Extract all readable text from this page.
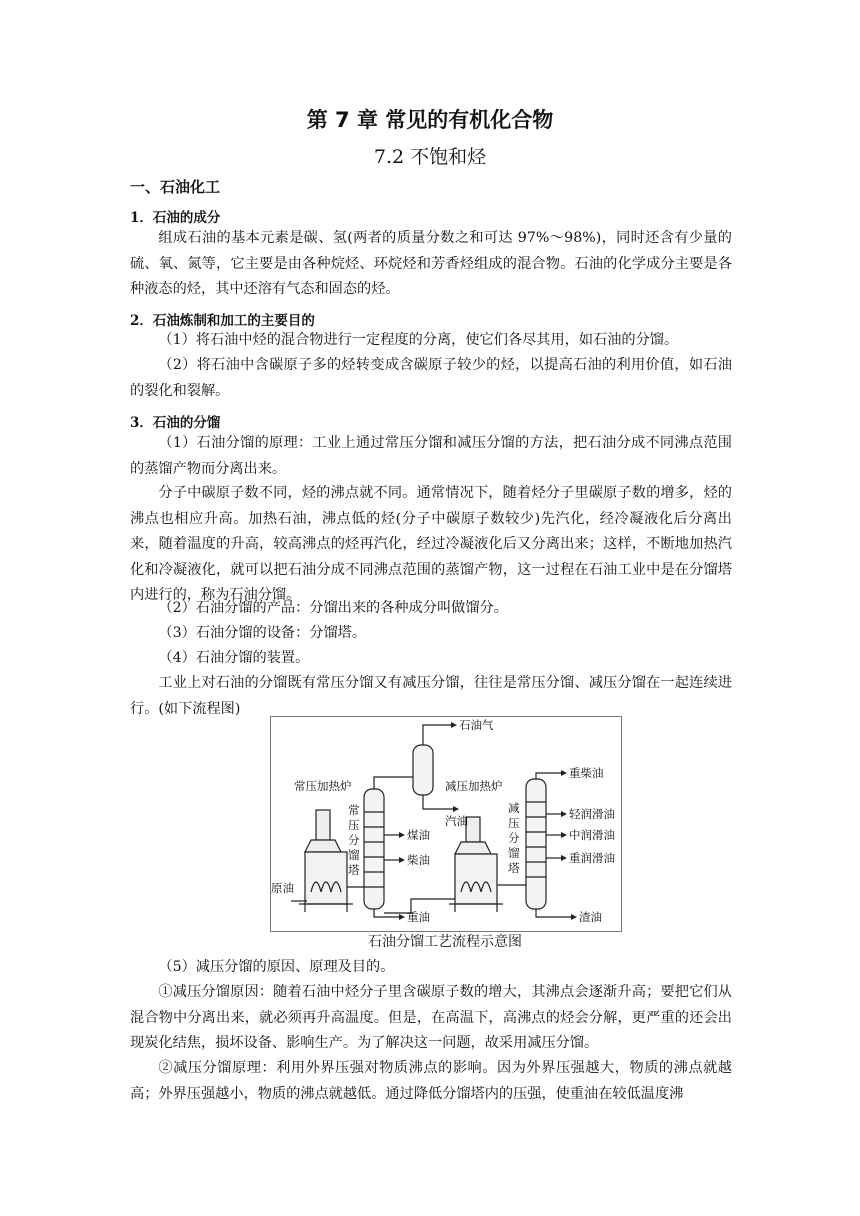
第 7 章 常见的有机化合物
7.2 不饱和烃
一、石油化工
1．石油的成分

组成石油的基本元素是碳、氢(两者的质量分数之和可达 97%～98%)，同时还含有少量的硫、氧、氮等，它主要是由各种烷烃、环烷烃和芳香烃组成的混合物。石油的化学成分主要是各种液态的烃，其中还溶有气态和固态的烃。

2．石油炼制和加工的主要目的

（1）将石油中烃的混合物进行一定程度的分离，使它们各尽其用，如石油的分馏。

（2）将石油中含碳原子多的烃转变成含碳原子较少的烃，以提高石油的利用价值，如石油的裂化和裂解。

3．石油的分馏

（1）石油分馏的原理：工业上通过常压分馏和减压分馏的方法，把石油分成不同沸点范围的蒸馏产物而分离出来。

分子中碳原子数不同，烃的沸点就不同。通常情况下，随着烃分子里碳原子数的增多，烃的沸点也相应升高。加热石油，沸点低的烃(分子中碳原子数较少)先汽化，经冷凝液化后分离出来，随着温度的升高，较高沸点的烃再汽化，经过冷凝液化后又分离出来；这样，不断地加热汽化和冷凝液化，就可以把石油分成不同沸点范围的蒸馏产物，这一过程在石油工业中是在分馏塔内进行的，称为石油分馏。

（2）石油分馏的产品：分馏出来的各种成分叫做馏分。

（3）石油分馏的设备：分馏塔。

（4）石油分馏的装置。

工业上对石油的分馏既有常压分馏又有减压分馏，往往是常压分馏、减压分馏在一起连续进行。(如下流程图)

常压加热炉
常
压
分
馏
塔
原油
煤油
柴油
重油
石油气
汽油
减压加热炉
减
压
分
馏
塔
重柴油
轻润滑油
中润滑油
重润滑油
渣油
石油分馏工艺流程示意图

（5）减压分馏的原因、原理及目的。

①减压分馏原因：随着石油中烃分子里含碳原子数的增大，其沸点会逐渐升高；要把它们从混合物中分离出来，就必须再升高温度。但是，在高温下，高沸点的烃会分解，更严重的还会出现炭化结焦，损坏设备、影响生产。为了解决这一问题，故采用减压分馏。

②减压分馏原理：利用外界压强对物质沸点的影响。因为外界压强越大，物质的沸点就越高；外界压强越小，物质的沸点就越低。通过降低分馏塔内的压强，使重油在较低温度沸
